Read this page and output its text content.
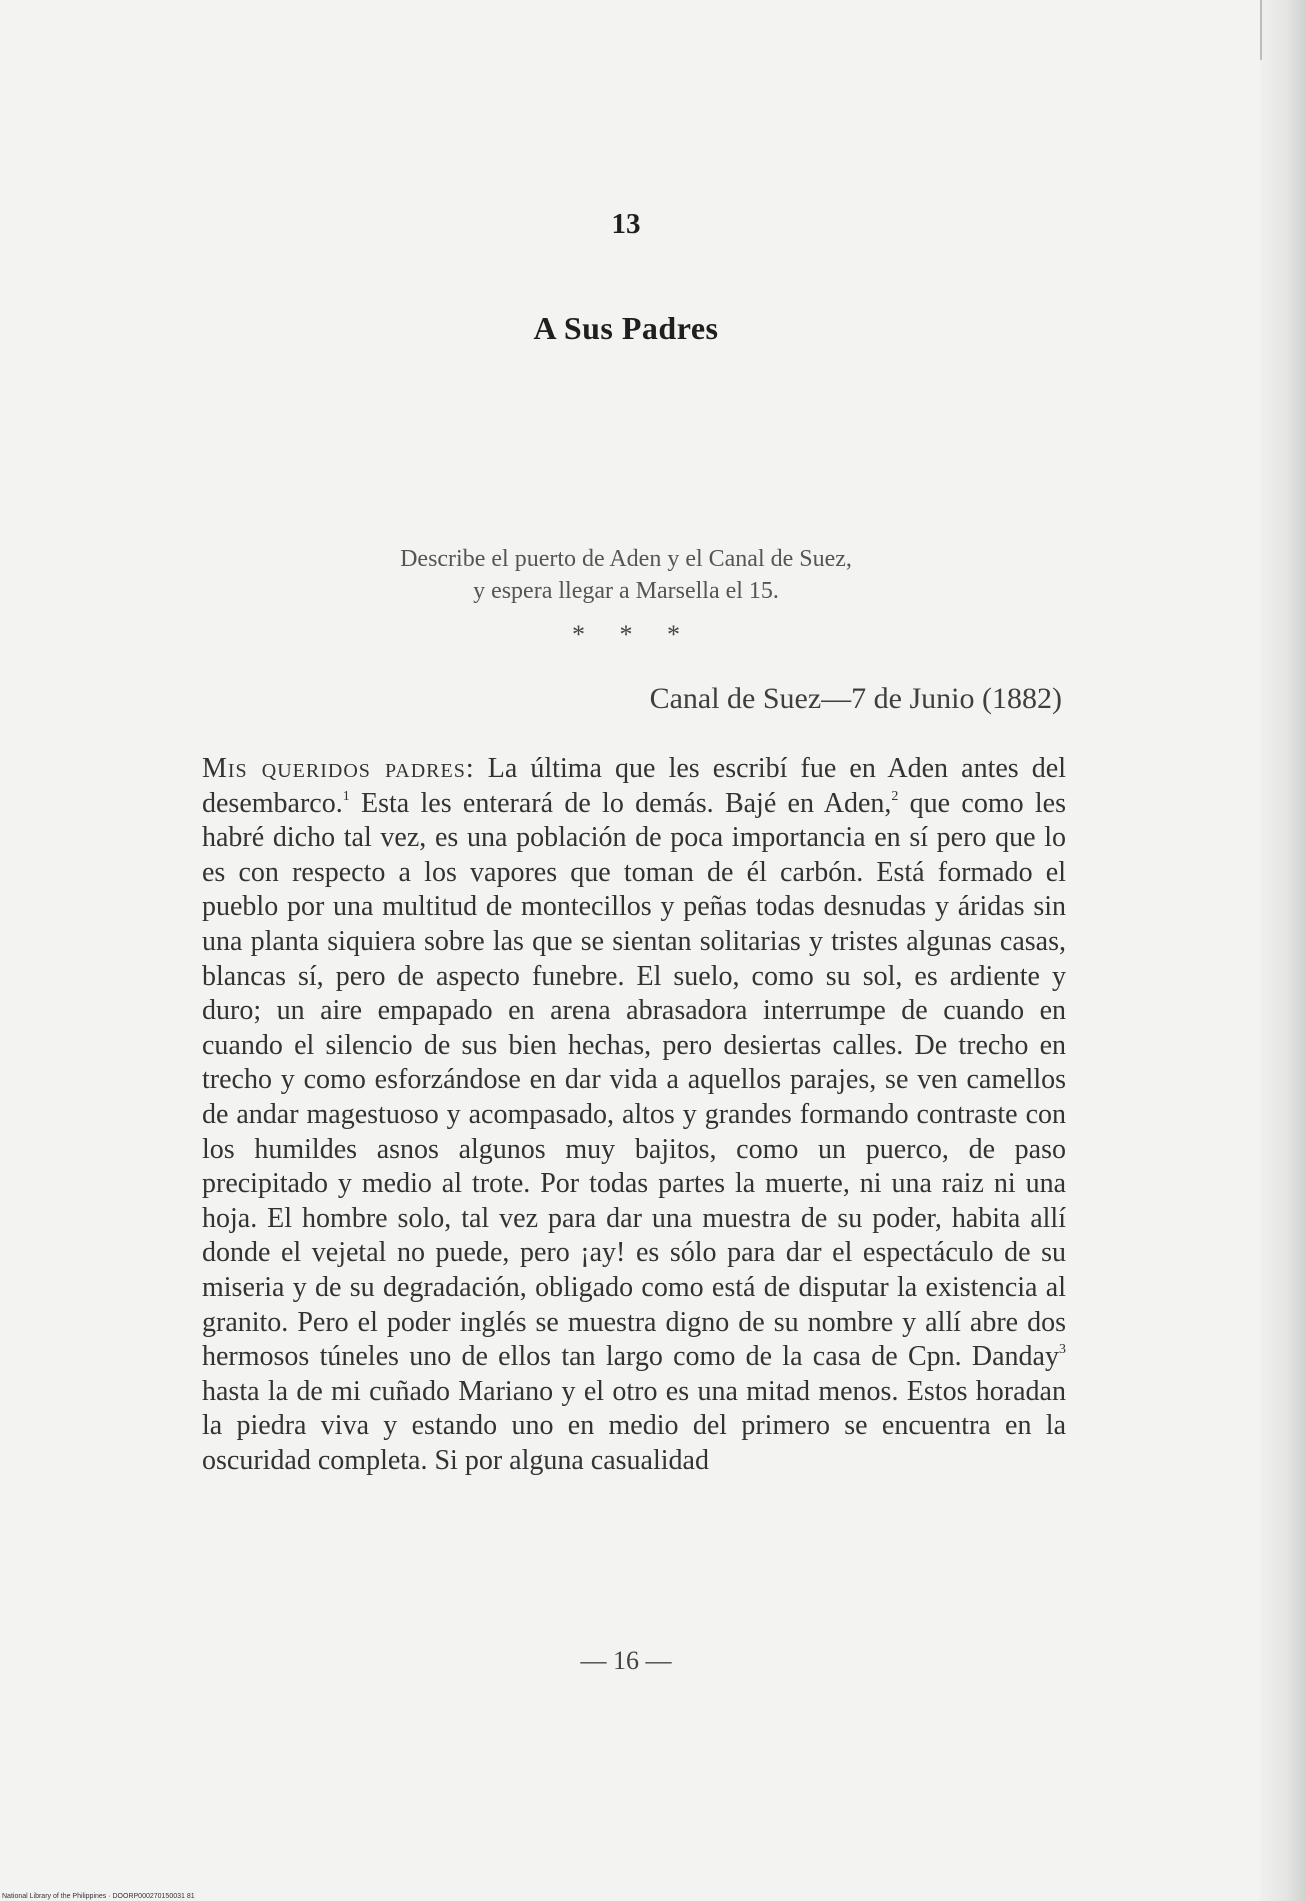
13
A Sus Padres
Describe el puerto de Aden y el Canal de Suez,
y espera llegar a Marsella el 15.
* * *
Canal de Suez—7 de Junio (1882)
Mis queridos padres: La última que les escribí fue en Aden antes del desembarco.$^1$ Esta les enterará de lo demás. Bajé en Aden,$^2$ que como les habré dicho tal vez, es una población de poca importancia en sí pero que lo es con respecto a los vapores que toman de él carbón. Está formado el pueblo por una multitud de montecillos y peñas todas desnudas y áridas sin una planta siquiera sobre las que se sientan solitarias y tristes algunas casas, blancas sí, pero de aspecto funebre. El suelo, como su sol, es ardiente y duro; un aire empapado en arena abrasadora interrumpe de cuando en cuando el silencio de sus bien hechas, pero desiertas calles. De trecho en trecho y como esforzándose en dar vida a aquellos parajes, se ven camellos de andar magestuoso y acompasado, altos y grandes formando contraste con los humildes asnos algunos muy bajitos, como un puerco, de paso precipitado y medio al trote. Por todas partes la muerte, ni una raiz ni una hoja. El hombre solo, tal vez para dar una muestra de su poder, habita allí donde el vejetal no puede, pero ¡ay! es sólo para dar el espectáculo de su miseria y de su degradación, obligado como está de disputar la existencia al granito. Pero el poder inglés se muestra digno de su nombre y allí abre dos hermosos túneles uno de ellos tan largo como de la casa de Cpn. Danday$^3$ hasta la de mi cuñado Mariano y el otro es una mitad menos. Estos horadan la piedra viva y estando uno en medio del primero se encuentra en la oscuridad completa. Si por alguna casualidad
— 16 —
National Library of the Philippines · DOORP000270150031 81
